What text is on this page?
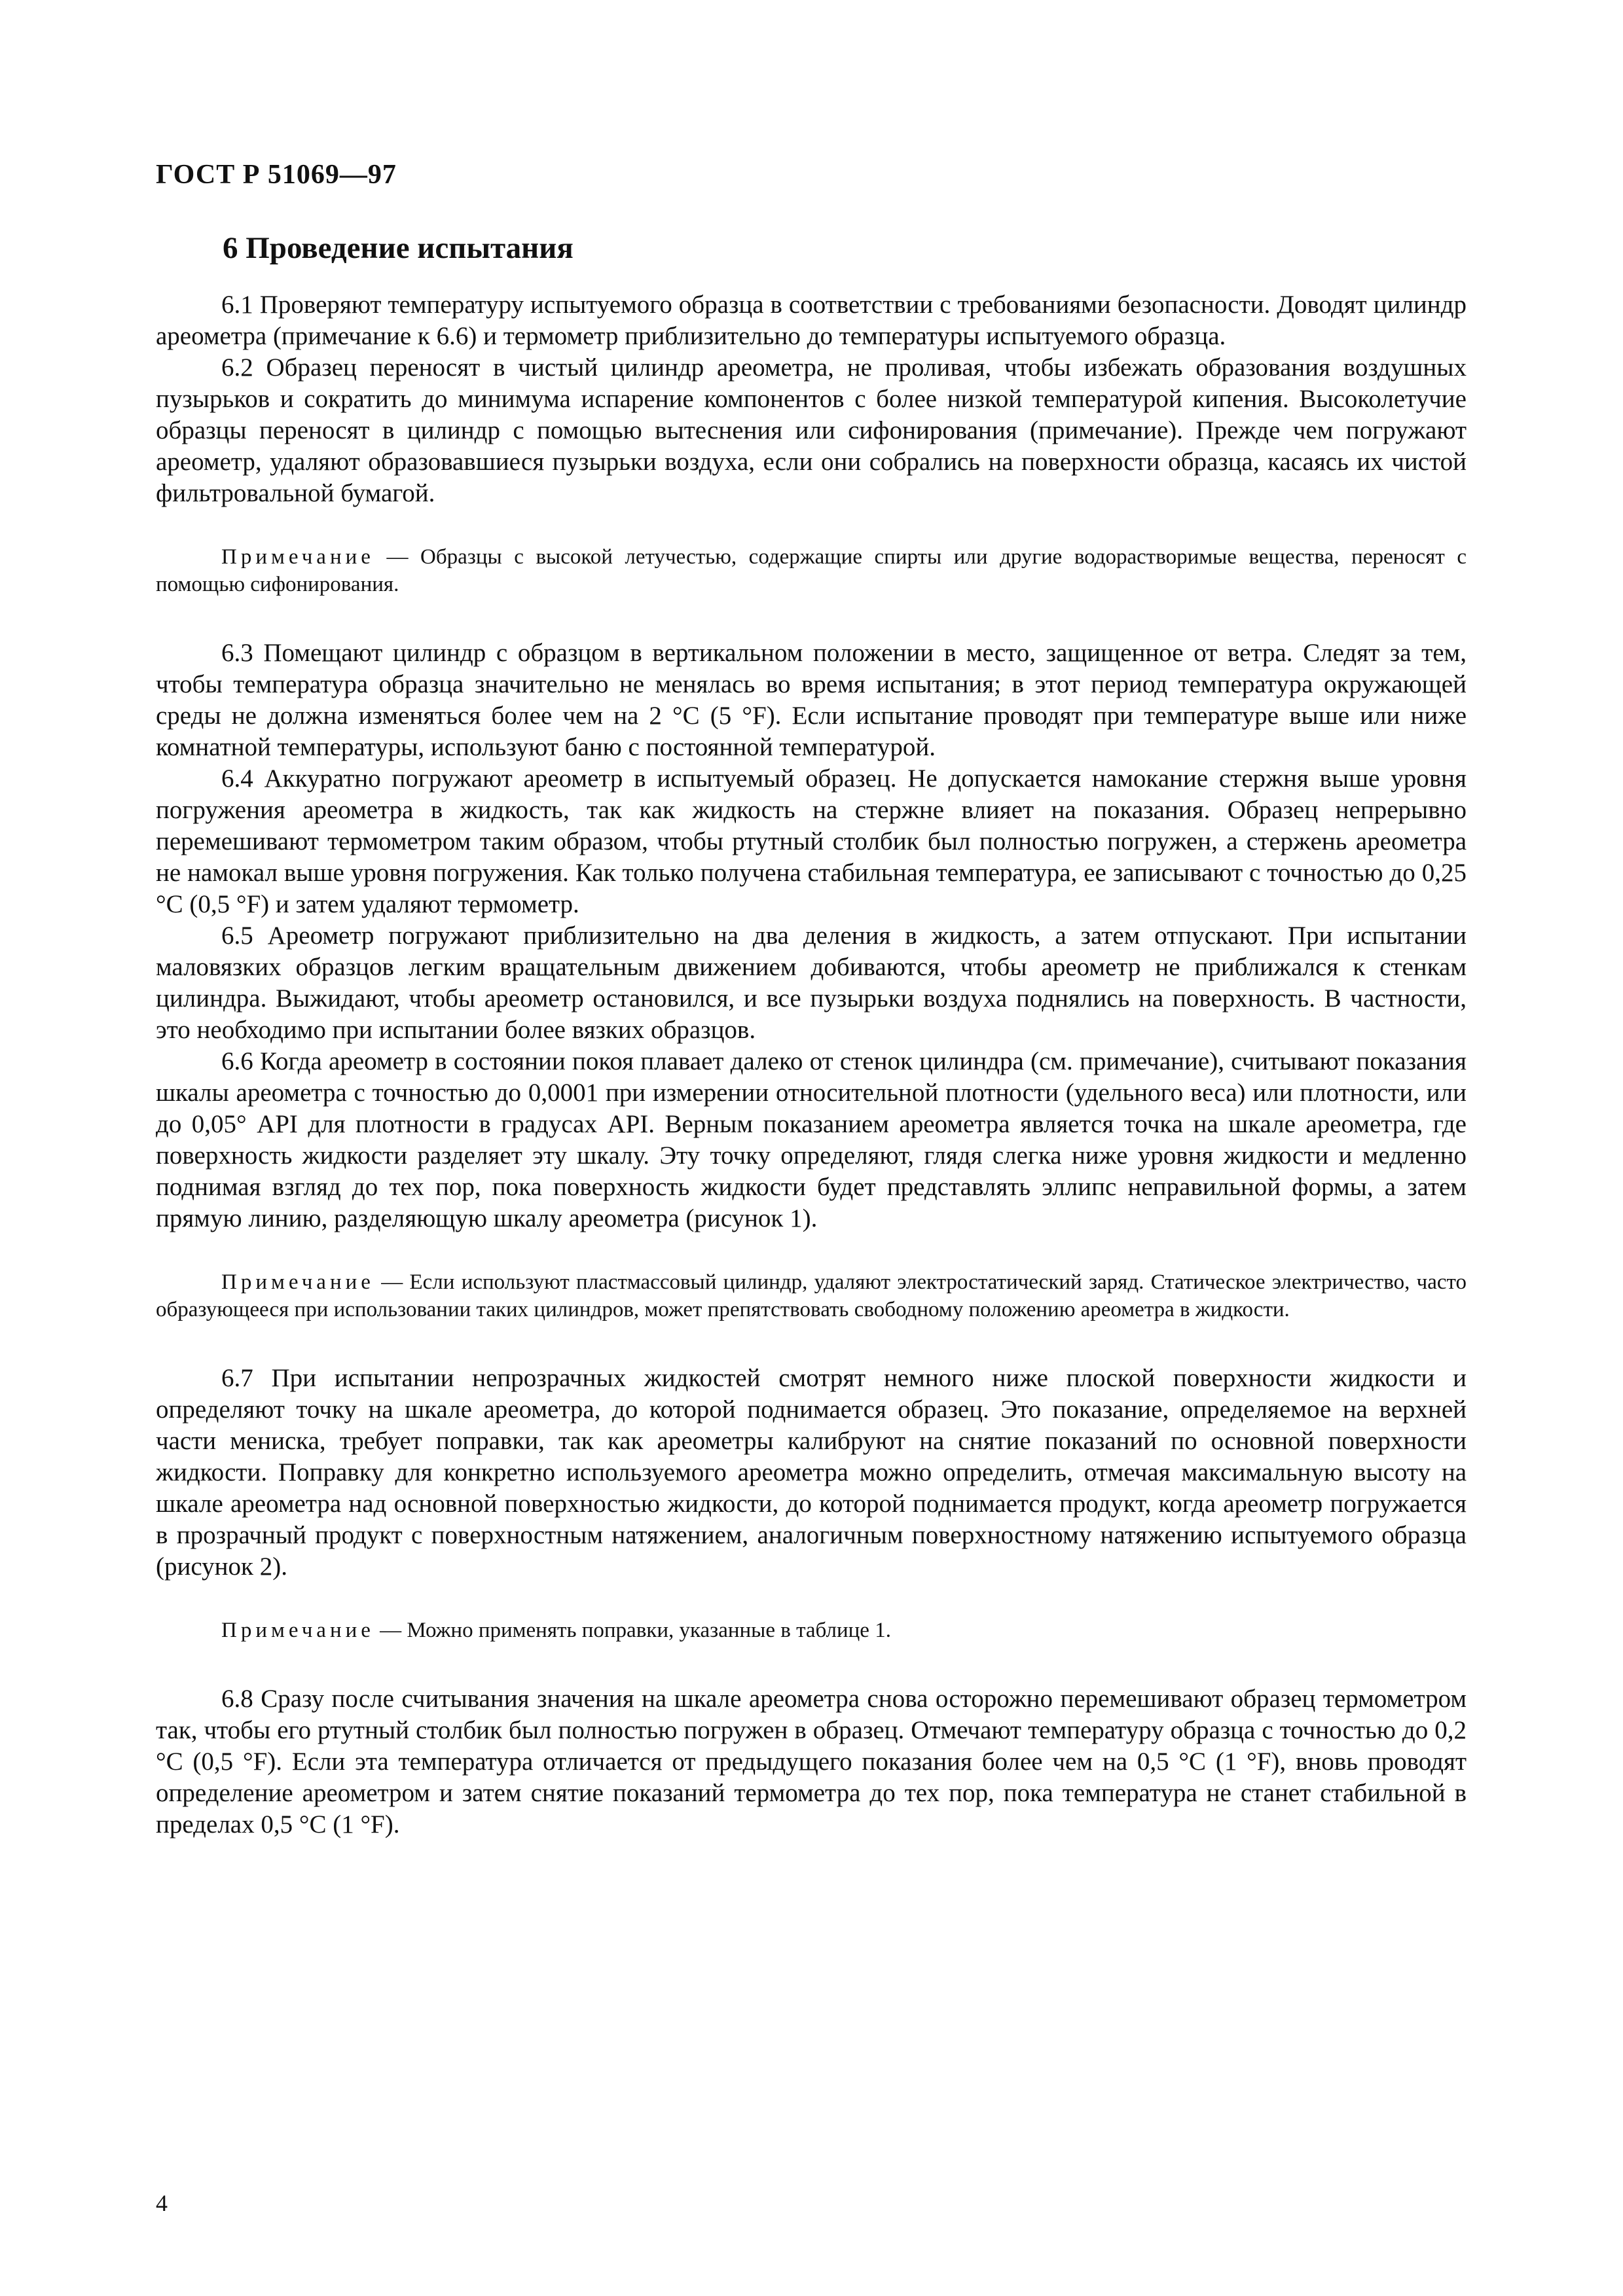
ГОСТ Р 51069—97
6 Проведение испытания

6.1 Проверяют температуру испытуемого образца в соответствии с требованиями безопасности. Доводят цилиндр ареометра (примечание к 6.6) и термометр приблизительно до температуры испытуемого образца.

6.2 Образец переносят в чистый цилиндр ареометра, не проливая, чтобы избежать образования воздушных пузырьков и сократить до минимума испарение компонентов с более низкой температурой кипения. Высоколетучие образцы переносят в цилиндр с помощью вытеснения или сифонирования (примечание). Прежде чем погружают ареометр, удаляют образовавшиеся пузырьки воздуха, если они собрались на поверхности образца, касаясь их чистой фильтровальной бумагой.

Примечание — Образцы с высокой летучестью, содержащие спирты или другие водорастворимые вещества, переносят с помощью сифонирования.

6.3 Помещают цилиндр с образцом в вертикальном положении в место, защищенное от ветра. Следят за тем, чтобы температура образца значительно не менялась во время испытания; в этот период температура окружающей среды не должна изменяться более чем на 2 °С (5 °F). Если испытание проводят при температуре выше или ниже комнатной температуры, используют баню с постоянной температурой.

6.4 Аккуратно погружают ареометр в испытуемый образец. Не допускается намокание стержня выше уровня погружения ареометра в жидкость, так как жидкость на стержне влияет на показания. Образец непрерывно перемешивают термометром таким образом, чтобы ртутный столбик был полностью погружен, а стержень ареометра не намокал выше уровня погружения. Как только получена стабильная температура, ее записывают с точностью до 0,25 °С (0,5 °F) и затем удаляют термометр.

6.5 Ареометр погружают приблизительно на два деления в жидкость, а затем отпускают. При испытании маловязких образцов легким вращательным движением добиваются, чтобы ареометр не приближался к стенкам цилиндра. Выжидают, чтобы ареометр остановился, и все пузырьки воздуха поднялись на поверхность. В частности, это необходимо при испытании более вязких образцов.

6.6 Когда ареометр в состоянии покоя плавает далеко от стенок цилиндра (см. примечание), считывают показания шкалы ареометра с точностью до 0,0001 при измерении относительной плотности (удельного веса) или плотности, или до 0,05° API для плотности в градусах API. Верным показанием ареометра является точка на шкале ареометра, где поверхность жидкости разделяет эту шкалу. Эту точку определяют, глядя слегка ниже уровня жидкости и медленно поднимая взгляд до тех пор, пока поверхность жидкости будет представлять эллипс неправильной формы, а затем прямую линию, разделяющую шкалу ареометра (рисунок 1).

Примечание — Если используют пластмассовый цилиндр, удаляют электростатический заряд. Статическое электричество, часто образующееся при использовании таких цилиндров, может препятствовать свободному положению ареометра в жидкости.

6.7 При испытании непрозрачных жидкостей смотрят немного ниже плоской поверхности жидкости и определяют точку на шкале ареометра, до которой поднимается образец. Это показание, определяемое на верхней части мениска, требует поправки, так как ареометры калибруют на снятие показаний по основной поверхности жидкости. Поправку для конкретно используемого ареометра можно определить, отмечая максимальную высоту на шкале ареометра над основной поверхностью жидкости, до которой поднимается продукт, когда ареометр погружается в прозрачный продукт с поверхностным натяжением, аналогичным поверхностному натяжению испытуемого образца (рисунок 2).

Примечание — Можно применять поправки, указанные в таблице 1.

6.8 Сразу после считывания значения на шкале ареометра снова осторожно перемешивают образец термометром так, чтобы его ртутный столбик был полностью погружен в образец. Отмечают температуру образца с точностью до 0,2 °С (0,5 °F). Если эта температура отличается от предыдущего показания более чем на 0,5 °С (1 °F), вновь проводят определение ареометром и затем снятие показаний термометра до тех пор, пока температура не станет стабильной в пределах 0,5 °С (1 °F).

4
